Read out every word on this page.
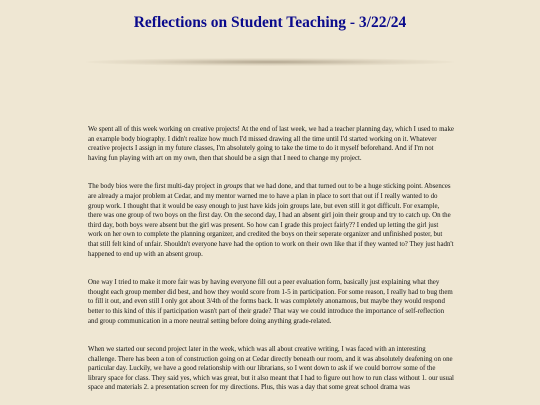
Reflections on Student Teaching - 3/22/24

We spent all of this week working on creative projects! At the end of last week, we had a teacher planning day, which I used to make an example body biography. I didn't realize how much I'd missed drawing all the time until I'd started working on it. Whatever creative projects I assign in my future classes, I'm absolutely going to take the time to do it myself beforehand. And if I'm not having fun playing with art on my own, then that should be a sign that I need to change my project.

The body bios were the first multi-day project in groups that we had done, and that turned out to be a huge sticking point. Absences are already a major problem at Cedar, and my mentor warned me to have a plan in place to sort that out if I really wanted to do group work. I thought that it would be easy enough to just have kids join groups late, but even still it got difficult. For example, there was one group of two boys on the first day. On the second day, I had an absent girl join their group and try to catch up. On the third day, both boys were absent but the girl was present. So how can I grade this project fairly?? I ended up letting the girl just work on her own to complete the planning organizer, and credited the boys on their seperate organizer and unfinished poster, but that still felt kind of unfair. Shouldn't everyone have had the option to work on their own like that if they wanted to? They just hadn't happened to end up with an absent group.

One way I tried to make it more fair was by having everyone fill out a peer evaluation form, basically just explaining what they thought each group member did best, and how they would score from 1-5 in participation. For some reason, I really had to bug them to fill it out, and even still I only got about 3/4th of the forms back. It was completely anonamous, but maybe they would respond better to this kind of this if participation wasn't part of their grade? That way we could introduce the importance of self-reflection and group communication in a more neutral setting before doing anything grade-related.

When we started our second project later in the week, which was all about creative writing, I was faced with an interesting challenge. There has been a ton of construction going on at Cedar directly beneath our room, and it was absolutely deafening on one particular day. Luckily, we have a good relationship with our librarians, so I went down to ask if we could borrow some of the library space for class. They said yes, which was great, but it also meant that I had to figure out how to run class without 1. our usual space and materials 2. a presentation screen for my directions. Plus, this was a day that some great school drama was
